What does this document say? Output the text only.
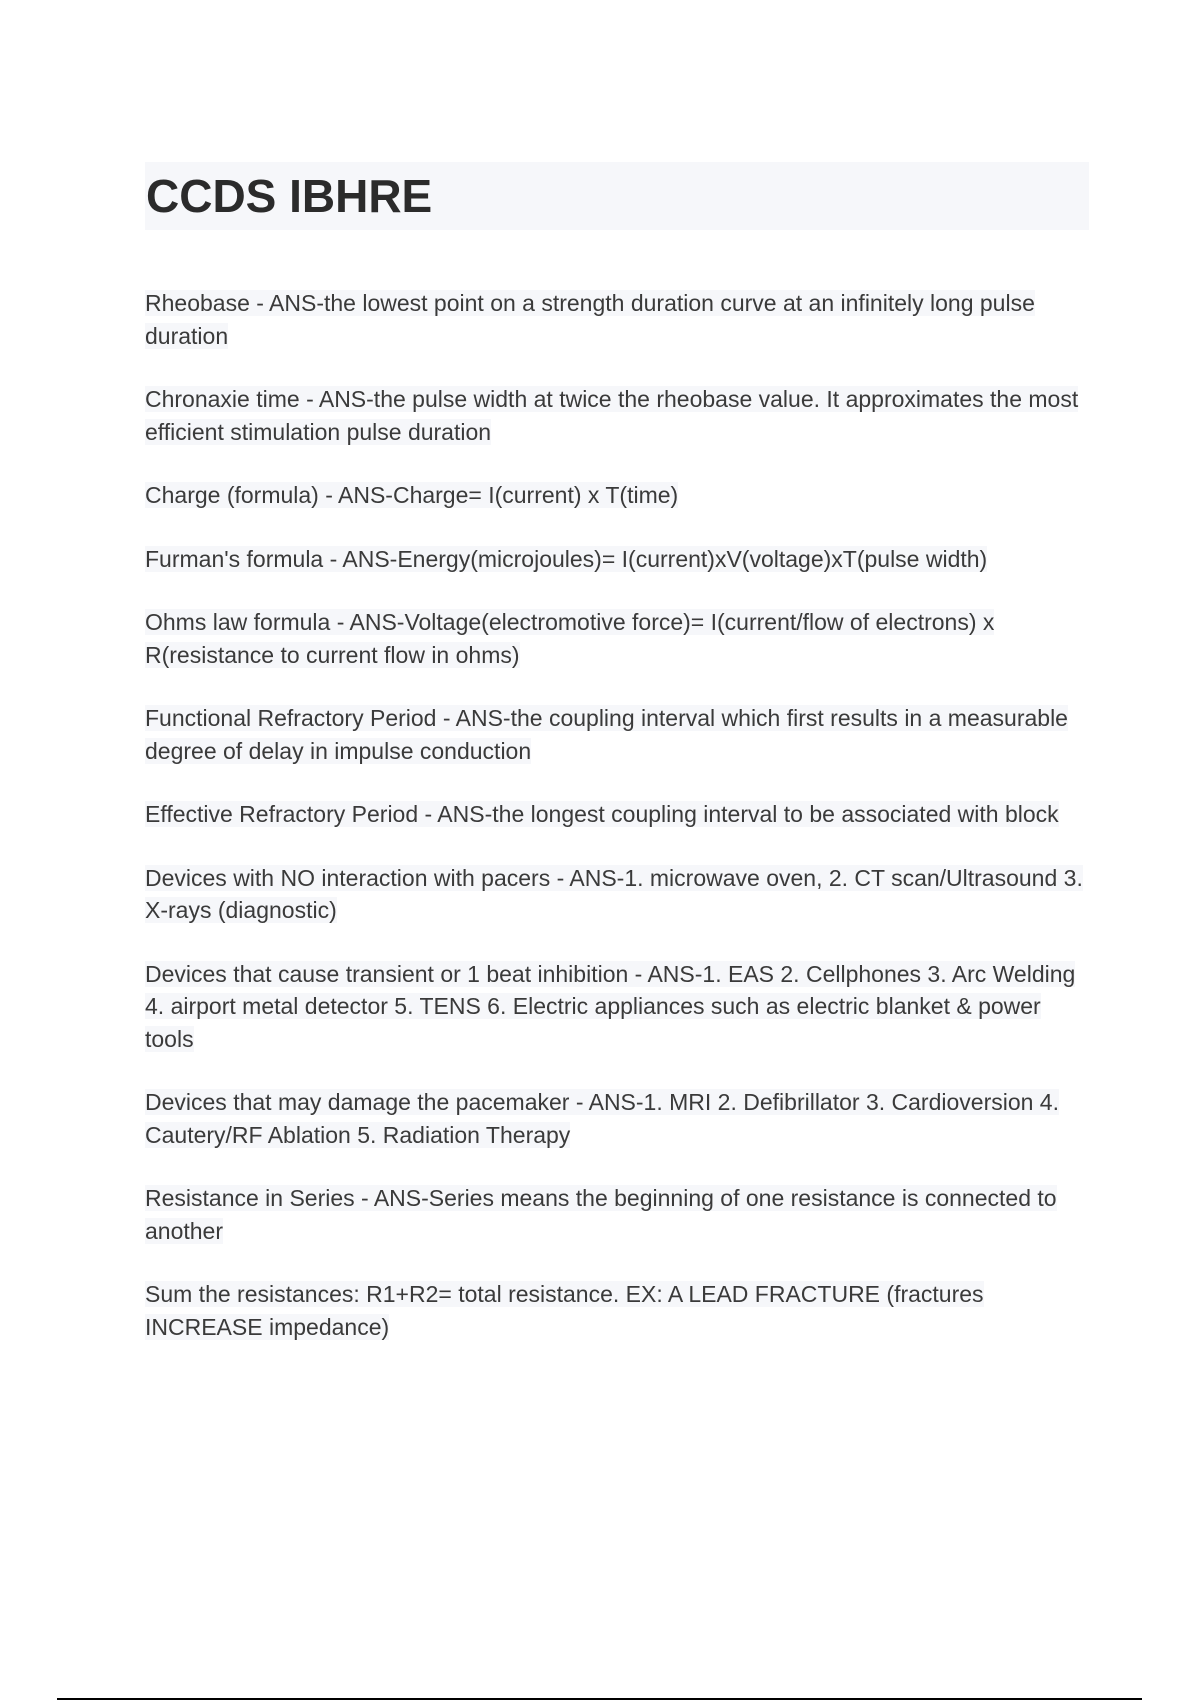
CCDS IBHRE

Rheobase - ANS-the lowest point on a strength duration curve at an infinitely long pulse duration

Chronaxie time - ANS-the pulse width at twice the rheobase value. It approximates the most efficient stimulation pulse duration

Charge (formula) - ANS-Charge= I(current) x T(time)

Furman's formula - ANS-Energy(microjoules)= I(current)xV(voltage)xT(pulse width)

Ohms law formula - ANS-Voltage(electromotive force)= I(current/flow of electrons) x R(resistance to current flow in ohms)

Functional Refractory Period - ANS-the coupling interval which first results in a measurable degree of delay in impulse conduction

Effective Refractory Period - ANS-the longest coupling interval to be associated with block

Devices with NO interaction with pacers - ANS-1. microwave oven, 2. CT scan/Ultrasound 3. X-rays (diagnostic)

Devices that cause transient or 1 beat inhibition - ANS-1. EAS 2. Cellphones 3. Arc Welding 4. airport metal detector 5. TENS 6. Electric appliances such as electric blanket & power tools

Devices that may damage the pacemaker - ANS-1. MRI 2. Defibrillator 3. Cardioversion 4. Cautery/RF Ablation 5. Radiation Therapy

Resistance in Series - ANS-Series means the beginning of one resistance is connected to another

Sum the resistances: R1+R2= total resistance. EX: A LEAD FRACTURE (fractures INCREASE impedance)
